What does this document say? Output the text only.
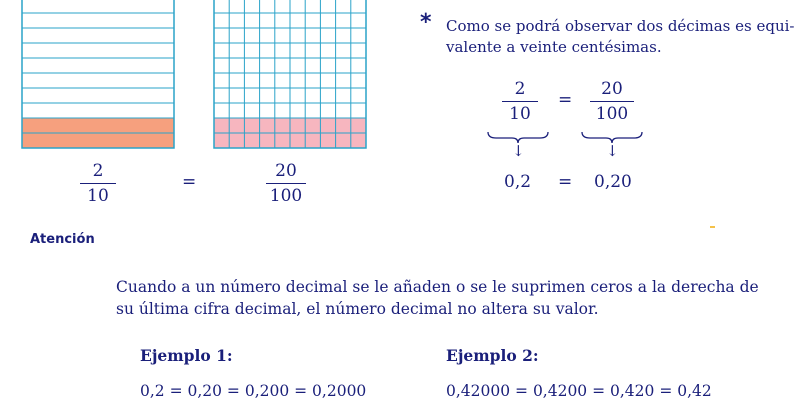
2
10
=
20
100
* Como se podrá observar dos décimas es equi-
valente a veinte centésimas.
2
10
=
20
100
↓	↓
0,2 = 0,20
Atención
Cuando a un número decimal se le añaden o se le suprimen ceros a la derecha de
su última cifra decimal, el número decimal no altera su valor.
Ejemplo 1:
0,2 = 0,20 = 0,200 = 0,2000
Ejemplo 2:
0,42000 = 0,4200 = 0,420 = 0,42
